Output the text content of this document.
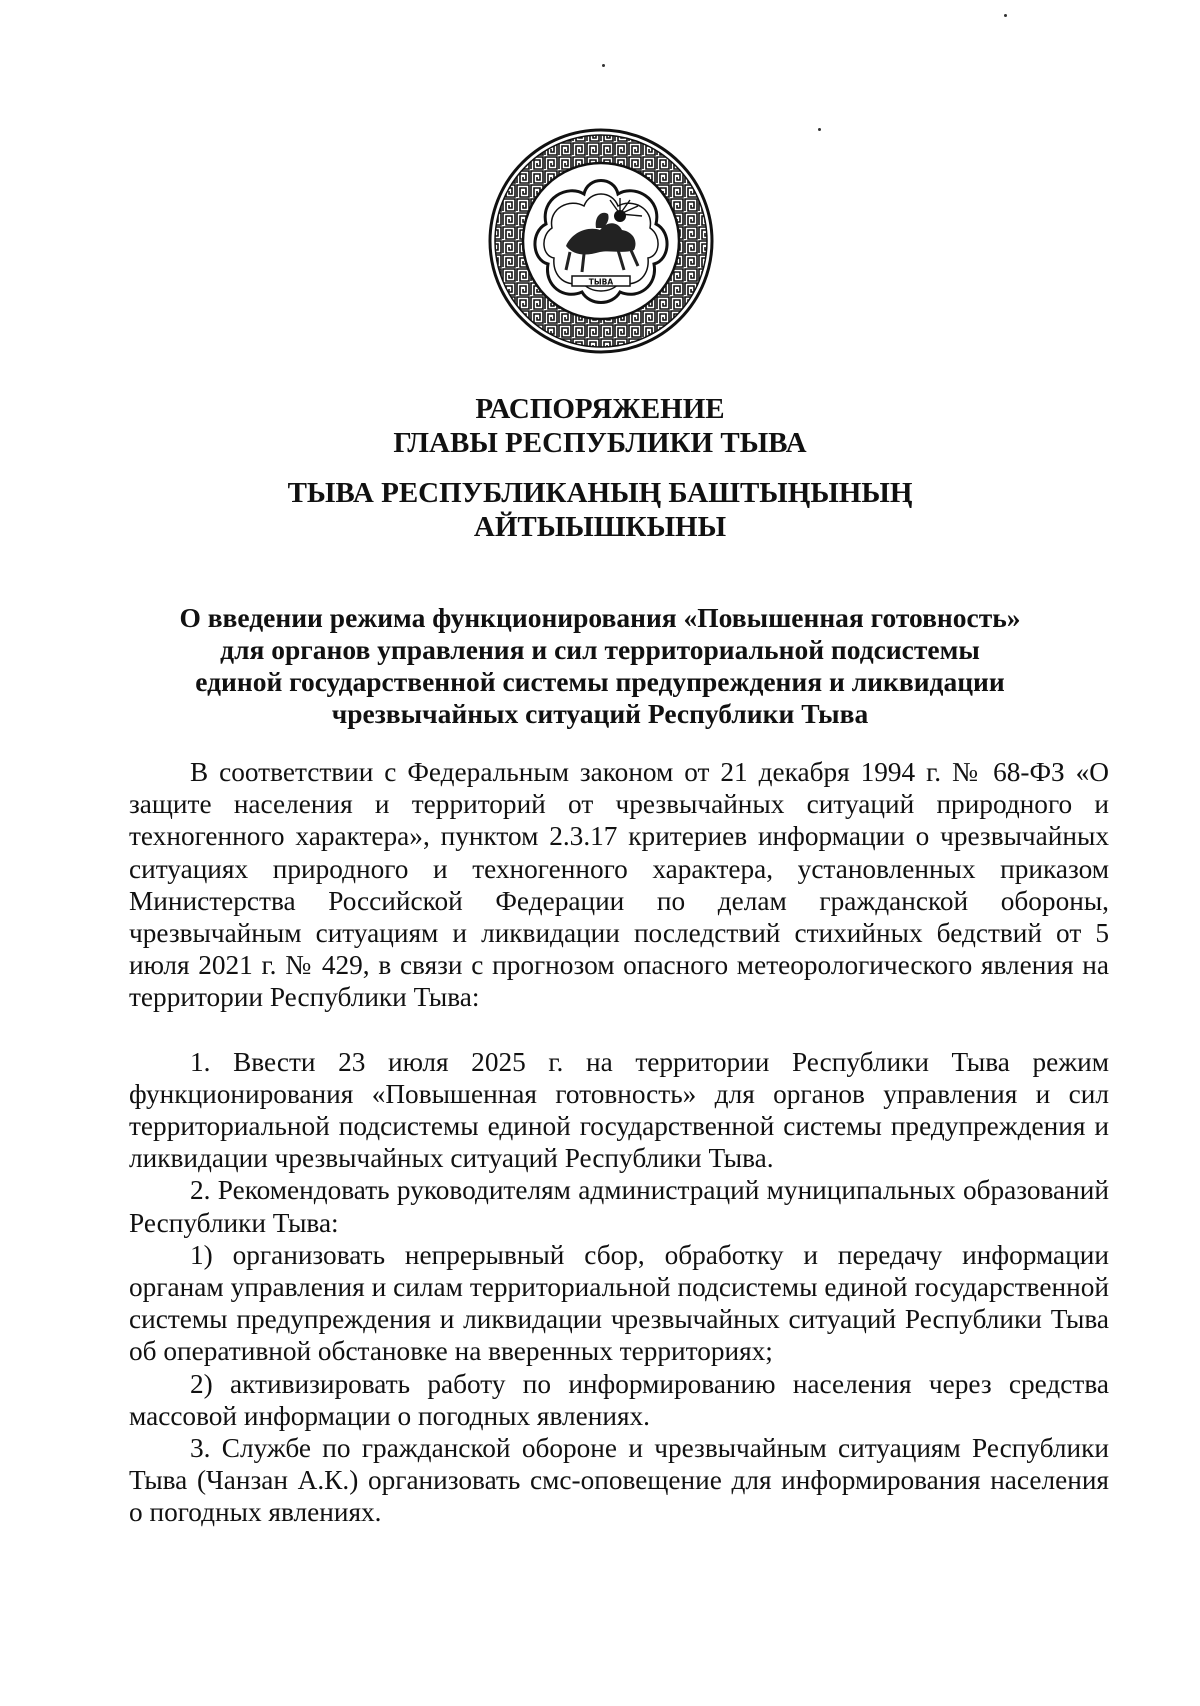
ТЫВА
РАСПОРЯЖЕНИЕ
ГЛАВЫ РЕСПУБЛИКИ ТЫВА
ТЫВА РЕСПУБЛИКАНЫҢ БАШТЫҢЫНЫҢ
АЙТЫЫШКЫНЫ
О введении режима функционирования «Повышенная готовность»
для органов управления и сил территориальной подсистемы
единой государственной системы предупреждения и ликвидации
чрезвычайных ситуаций Республики Тыва

В соответствии с Федеральным законом от 21 декабря 1994 г. № 68-ФЗ «О защите населения и территорий от чрезвычайных ситуаций природного и техногенного характера», пунктом 2.3.17 критериев информации о чрезвычайных ситуациях природного и техногенного характера, установленных приказом Министерства Российской Федерации по делам гражданской обороны, чрезвычайным ситуациям и ликвидации последствий стихийных бедствий от 5 июля 2021 г. № 429, в связи с прогнозом опасного метеорологического явления на территории Республики Тыва:

1. Ввести 23 июля 2025 г. на территории Республики Тыва режим функционирования «Повышенная готовность» для органов управления и сил территориальной подсистемы единой государственной системы предупреждения и ликвидации чрезвычайных ситуаций Республики Тыва.

2. Рекомендовать руководителям администраций муниципальных образований Республики Тыва:

1) организовать непрерывный сбор, обработку и передачу информации органам управления и силам территориальной подсистемы единой государственной системы предупреждения и ликвидации чрезвычайных ситуаций Республики Тыва об оперативной обстановке на вверенных территориях;

2) активизировать работу по информированию населения через средства массовой информации о погодных явлениях.

3. Службе по гражданской обороне и чрезвычайным ситуациям Республики Тыва (Чанзан А.К.) организовать смс-оповещение для информирования населения о погодных явлениях.
